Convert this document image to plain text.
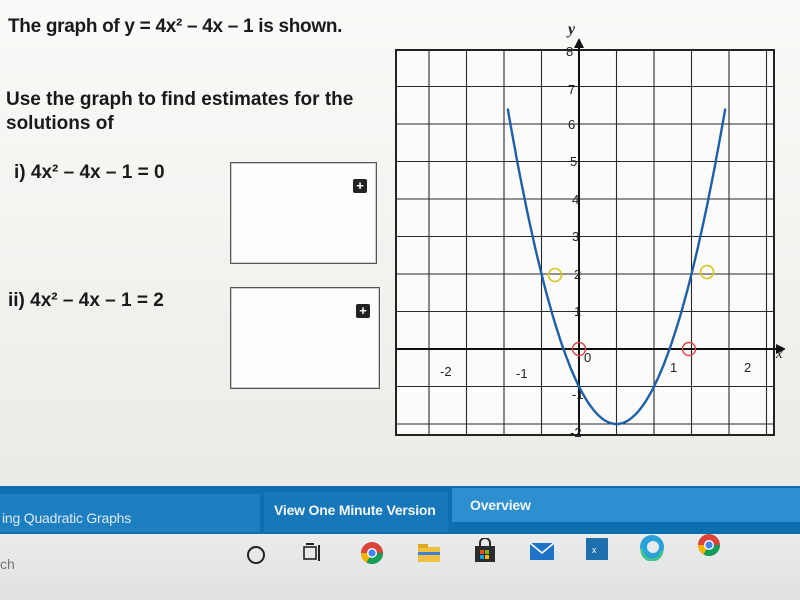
The graph of y = 4x² – 4x – 1 is shown.
Use the graph to find estimates for the solutions of
i) 4x² – 4x – 1 = 0
+
ii) 4x² – 4x – 1 = 2	+
-2	-1
0
1	2
-2
-1
1
2
3
4
5
6
7
8
y
x
ing Quadratic Graphs	View One Minute Version Overview
ch
x
